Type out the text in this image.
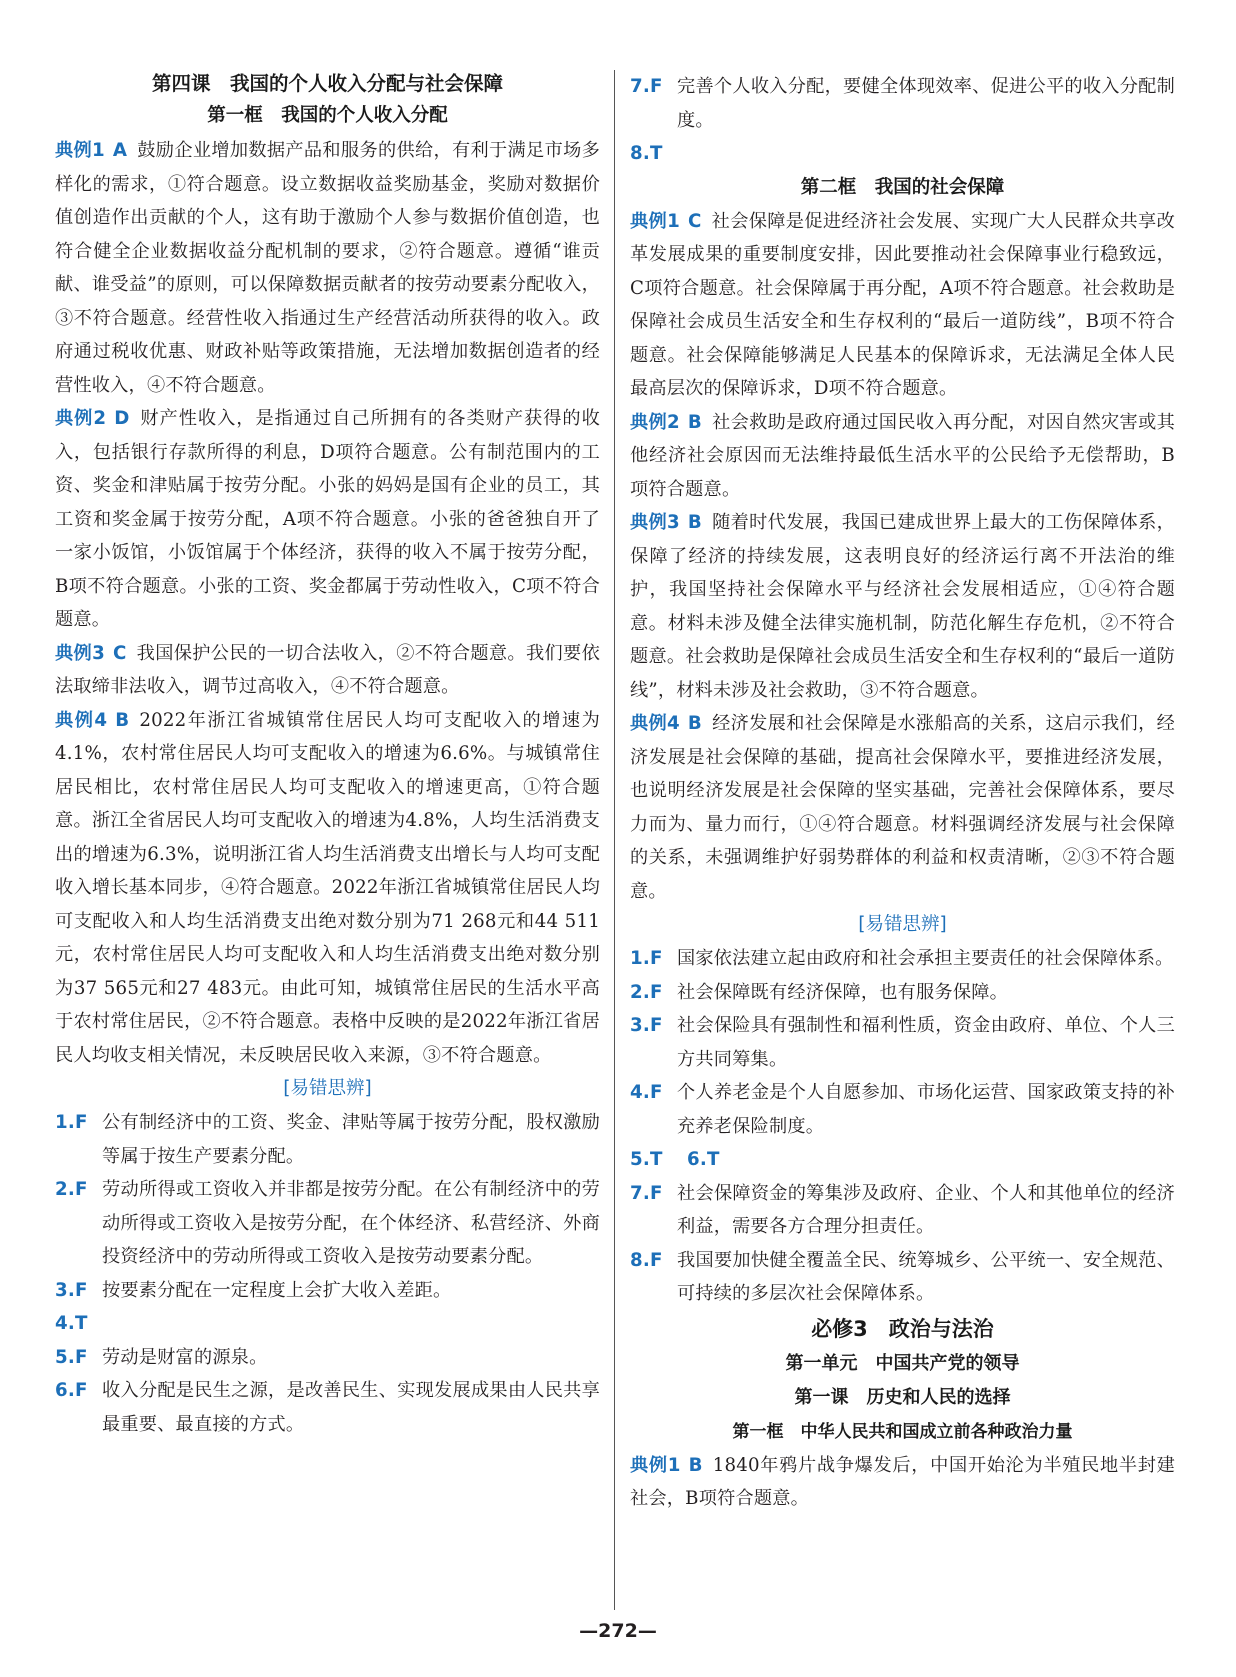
第四课　我国的个人收入分配与社会保障

第一框　我国的个人收入分配

典例1 A 鼓励企业增加数据产品和服务的供给，有利于满足市场多样化的需求，①符合题意。设立数据收益奖励基金，奖励对数据价值创造作出贡献的个人，这有助于激励个人参与数据价值创造，也符合健全企业数据收益分配机制的要求，②符合题意。遵循“谁贡献、谁受益”的原则，可以保障数据贡献者的按劳动要素分配收入，③不符合题意。经营性收入指通过生产经营活动所获得的收入。政府通过税收优惠、财政补贴等政策措施，无法增加数据创造者的经营性收入，④不符合题意。

典例2 D 财产性收入，是指通过自己所拥有的各类财产获得的收入，包括银行存款所得的利息，D项符合题意。公有制范围内的工资、奖金和津贴属于按劳分配。小张的妈妈是国有企业的员工，其工资和奖金属于按劳分配，A项不符合题意。小张的爸爸独自开了一家小饭馆，小饭馆属于个体经济，获得的收入不属于按劳分配，B项不符合题意。小张的工资、奖金都属于劳动性收入，C项不符合题意。

典例3 C 我国保护公民的一切合法收入，②不符合题意。我们要依法取缔非法收入，调节过高收入，④不符合题意。

典例4 B 2022年浙江省城镇常住居民人均可支配收入的增速为4.1%，农村常住居民人均可支配收入的增速为6.6%。与城镇常住居民相比，农村常住居民人均可支配收入的增速更高，①符合题意。浙江全省居民人均可支配收入的增速为4.8%，人均生活消费支出的增速为6.3%，说明浙江省人均生活消费支出增长与人均可支配收入增长基本同步，④符合题意。2022年浙江省城镇常住居民人均可支配收入和人均生活消费支出绝对数分别为71 268元和44 511元，农村常住居民人均可支配收入和人均生活消费支出绝对数分别为37 565元和27 483元。由此可知，城镇常住居民的生活水平高于农村常住居民，②不符合题意。表格中反映的是2022年浙江省居民人均收支相关情况，未反映居民收入来源，③不符合题意。

[易错思辨]

1.F 公有制经济中的工资、奖金、津贴等属于按劳分配，股权激励等属于按生产要素分配。

2.F 劳动所得或工资收入并非都是按劳分配。在公有制经济中的劳动所得或工资收入是按劳分配，在个体经济、私营经济、外商投资经济中的劳动所得或工资收入是按劳动要素分配。

3.F 按要素分配在一定程度上会扩大收入差距。

4.T

5.F 劳动是财富的源泉。

6.F 收入分配是民生之源，是改善民生、实现发展成果由人民共享最重要、最直接的方式。

7.F 完善个人收入分配，要健全体现效率、促进公平的收入分配制度。

8.T

第二框　我国的社会保障

典例1 C 社会保障是促进经济社会发展、实现广大人民群众共享改革发展成果的重要制度安排，因此要推动社会保障事业行稳致远，C项符合题意。社会保障属于再分配，A项不符合题意。社会救助是保障社会成员生活安全和生存权利的“最后一道防线”，B项不符合题意。社会保障能够满足人民基本的保障诉求，无法满足全体人民最高层次的保障诉求，D项不符合题意。

典例2 B 社会救助是政府通过国民收入再分配，对因自然灾害或其他经济社会原因而无法维持最低生活水平的公民给予无偿帮助，B项符合题意。

典例3 B 随着时代发展，我国已建成世界上最大的工伤保障体系，保障了经济的持续发展，这表明良好的经济运行离不开法治的维护，我国坚持社会保障水平与经济社会发展相适应，①④符合题意。材料未涉及健全法律实施机制，防范化解生存危机，②不符合题意。社会救助是保障社会成员生活安全和生存权利的“最后一道防线”，材料未涉及社会救助，③不符合题意。

典例4 B 经济发展和社会保障是水涨船高的关系，这启示我们，经济发展是社会保障的基础，提高社会保障水平，要推进经济发展，也说明经济发展是社会保障的坚实基础，完善社会保障体系，要尽力而为、量力而行，①④符合题意。材料强调经济发展与社会保障的关系，未强调维护好弱势群体的利益和权责清晰，②③不符合题意。

[易错思辨]

1.F 国家依法建立起由政府和社会承担主要责任的社会保障体系。

2.F 社会保障既有经济保障，也有服务保障。

3.F 社会保险具有强制性和福利性质，资金由政府、单位、个人三方共同筹集。

4.F 个人养老金是个人自愿参加、市场化运营、国家政策支持的补充养老保险制度。

5.T 6.T

7.F 社会保障资金的筹集涉及政府、企业、个人和其他单位的经济利益，需要各方合理分担责任。

8.F 我国要加快健全覆盖全民、统筹城乡、公平统一、安全规范、可持续的多层次社会保障体系。

必修3　政治与法治

第一单元　中国共产党的领导

第一课　历史和人民的选择

第一框　中华人民共和国成立前各种政治力量

典例1 B 1840年鸦片战争爆发后，中国开始沦为半殖民地半封建社会，B项符合题意。

—272—
